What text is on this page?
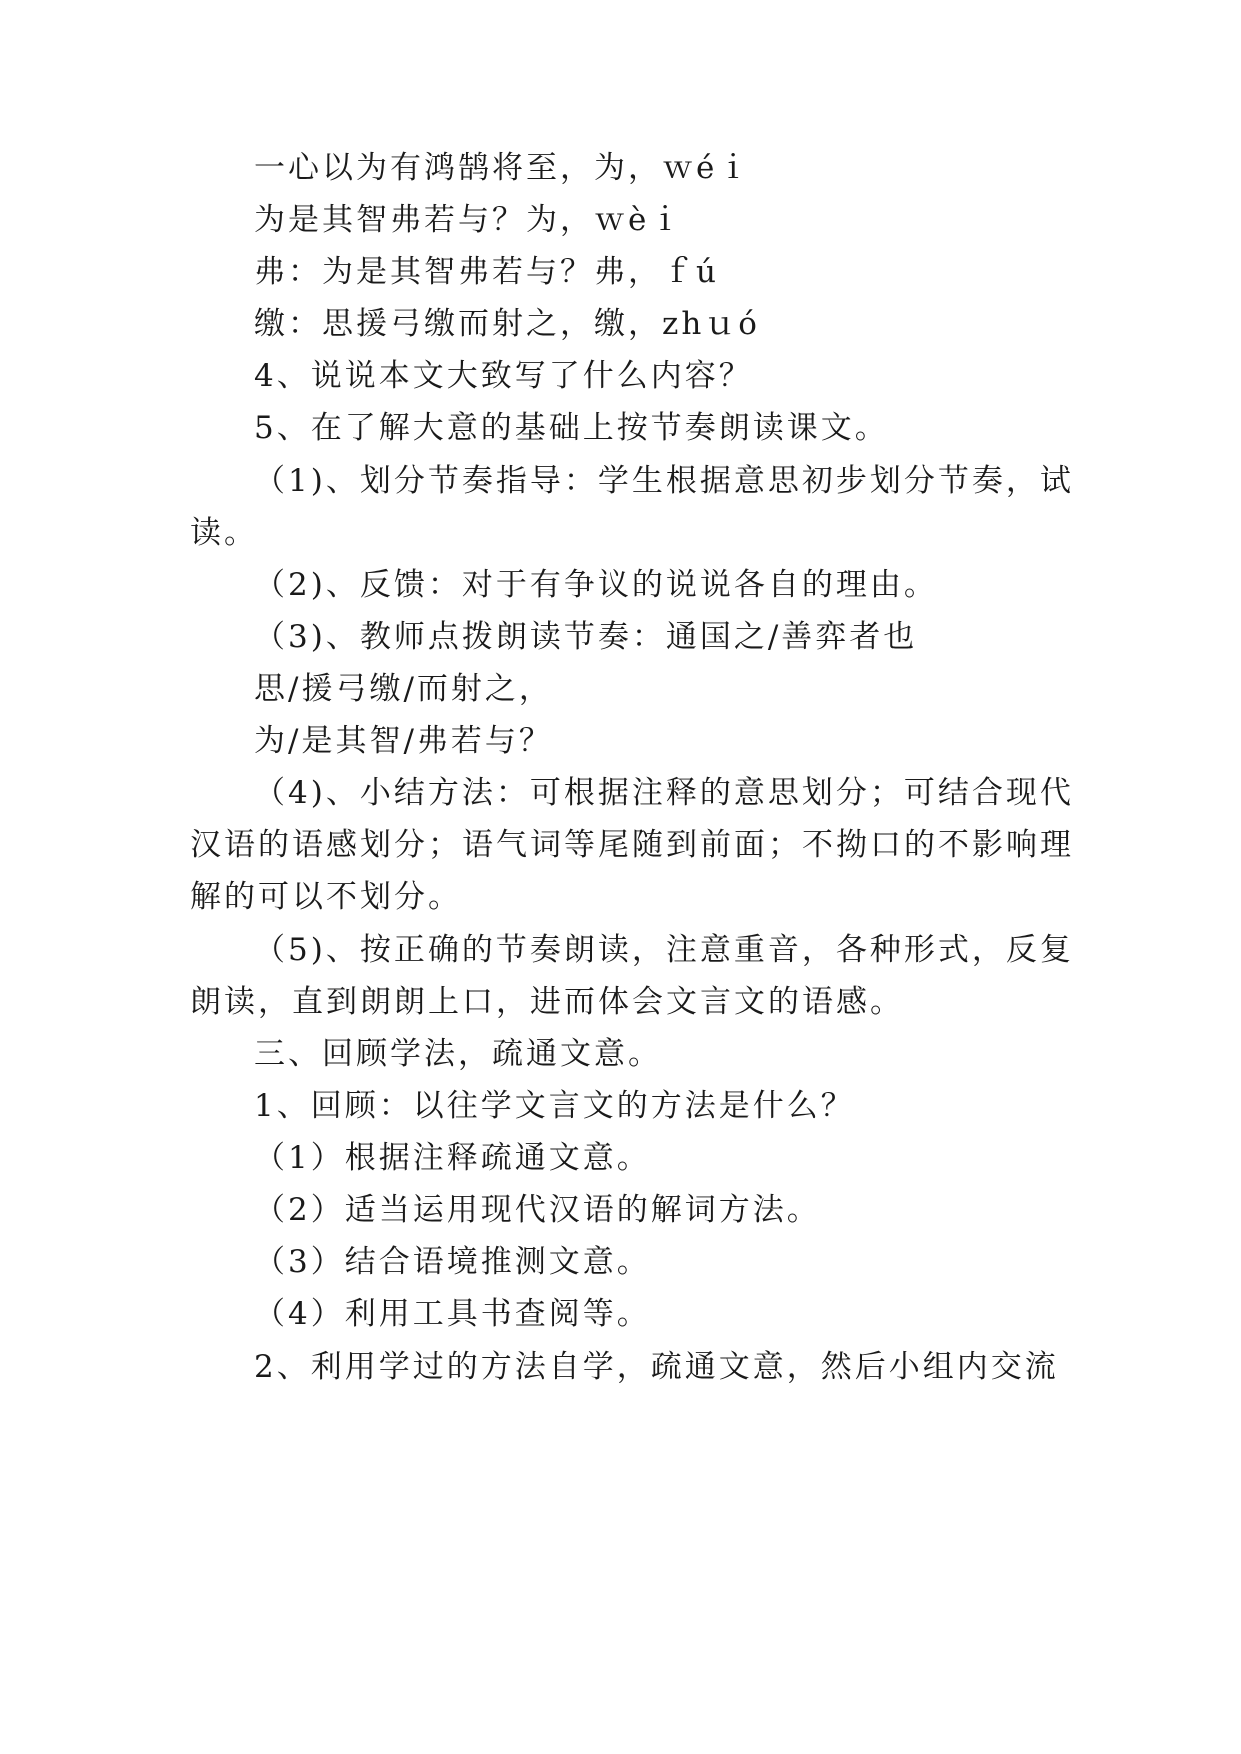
一心以为有鸿鹄将至，为，ｗéｉ
为是其智弗若与？为，ｗèｉ
弗：为是其智弗若与？弗，ｆú
缴：思援弓缴而射之，缴，zhｕó
4、说说本文大致写了什么内容？
5、在了解大意的基础上按节奏朗读课文。
（1)、划分节奏指导：学生根据意思初步划分节奏，试
读。
（2)、反馈：对于有争议的说说各自的理由。
（3)、教师点拨朗读节奏：通国之/善弈者也
思/援弓缴/而射之，
为/是其智/弗若与？
（4)、小结方法：可根据注释的意思划分；可结合现代
汉语的语感划分；语气词等尾随到前面；不拗口的不影响理
解的可以不划分。
（5)、按正确的节奏朗读，注意重音，各种形式，反复
朗读，直到朗朗上口，进而体会文言文的语感。
三、回顾学法，疏通文意。
1、回顾：以往学文言文的方法是什么？
（1）根据注释疏通文意。
（2）适当运用现代汉语的解词方法。
（3）结合语境推测文意。
（4）利用工具书查阅等。
2、利用学过的方法自学，疏通文意，然后小组内交流
